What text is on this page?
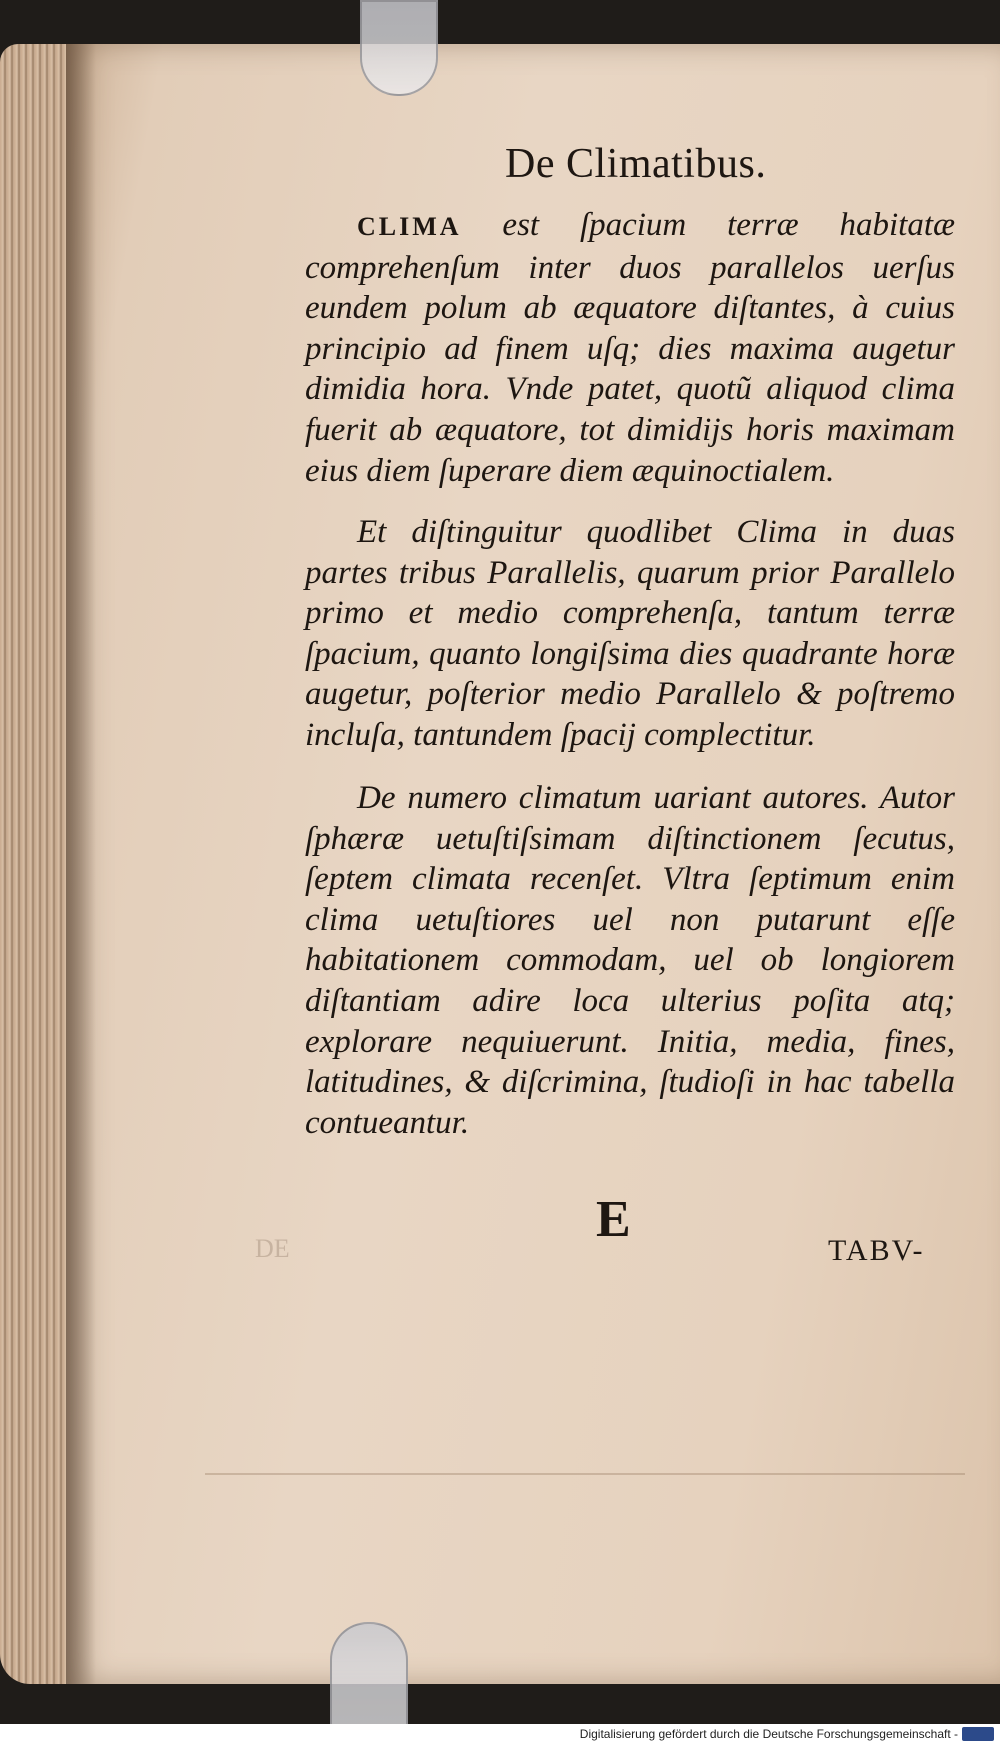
De Climatibus.
CLIMA est ſpacium terræ habitatæ comprehenſum inter duos parallelos uerſus eundem polum ab æquatore diſtantes, à cuius principio ad finem uſq; dies maxima augetur dimidia hora. Vnde patet, quotũ aliquod clima fuerit ab æquatore, tot dimidijs horis maximam eius diem ſuperare diem æquinoctialem.
Et diſtinguitur quodlibet Clima in duas partes tribus Parallelis, quarum prior Parallelo primo et medio comprehenſa, tantum terræ ſpacium, quanto longiſsima dies quadrante horæ augetur, poſterior medio Parallelo & poſtremo incluſa, tantundem ſpacij complectitur.
De numero climatum uariant autores. Autor ſphæræ uetuſtiſsimam diſtinctionem ſecutus, ſeptem climata recenſet. Vltra ſeptimum enim clima uetuſtiores uel non putarunt eſſe habitationem commodam, uel ob longiorem diſtantiam adire loca ulterius poſita atq; explorare nequiuerunt. Initia, media, fines, latitudines, & diſcrimina, ſtudioſi in hac tabella contueantur.
DE
E
TABV-
Digitalisierung gefördert durch die Deutsche Forschungsgemeinschaft -
